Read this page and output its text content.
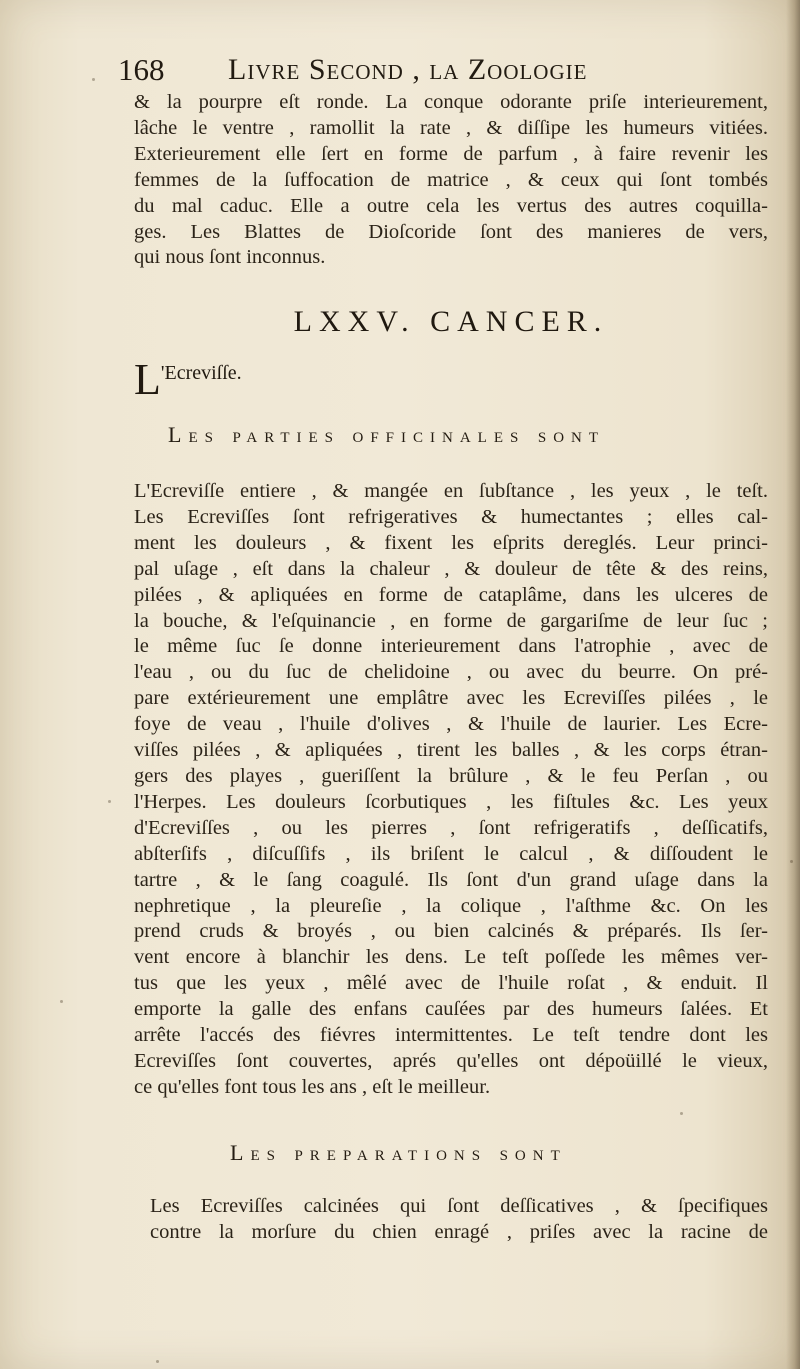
168 Livre Second , la Zoologie

& la pourpre eſt ronde. La conque odorante priſe interieurement,

lâche le ventre , ramollit la rate , & diſſipe les humeurs vitiées.

Exterieurement elle ſert en forme de parfum , à faire revenir les

femmes de la ſuffocation de matrice , & ceux qui ſont tombés

du mal caduc. Elle a outre cela les vertus des autres coquilla-

ges. Les Blattes de Dioſcoride ſont des manieres de vers,

qui nous ſont inconnus.

LXXV. CANCER.
L'Ecreviſſe.
Les parties officinales sont

L'Ecreviſſe entiere , & mangée en ſubſtance , les yeux , le teſt.

Les Ecreviſſes ſont refrigeratives & humectantes ; elles cal-

ment les douleurs , & fixent les eſprits dereglés. Leur princi-

pal uſage , eſt dans la chaleur , & douleur de tête & des reins,

pilées , & apliquées en forme de cataplâme, dans les ulceres de

la bouche, & l'eſquinancie , en forme de gargariſme de leur ſuc ;

le même ſuc ſe donne interieurement dans l'atrophie , avec de

l'eau , ou du ſuc de chelidoine , ou avec du beurre. On pré-

pare extérieurement une emplâtre avec les Ecreviſſes pilées , le

foye de veau , l'huile d'olives , & l'huile de laurier. Les Ecre-

viſſes pilées , & apliquées , tirent les balles , & les corps étran-

gers des playes , gueriſſent la brûlure , & le feu Perſan , ou

l'Herpes. Les douleurs ſcorbutiques , les fiſtules &c. Les yeux

d'Ecreviſſes , ou les pierres , ſont refrigeratifs , deſſicatifs,

abſterſifs , diſcuſſifs , ils briſent le calcul , & diſſoudent le

tartre , & le ſang coagulé. Ils ſont d'un grand uſage dans la

nephretique , la pleureſie , la colique , l'aſthme &c. On les

prend cruds & broyés , ou bien calcinés & préparés. Ils ſer-

vent encore à blanchir les dens. Le teſt poſſede les mêmes ver-

tus que les yeux , mêlé avec de l'huile roſat , & enduit. Il

emporte la galle des enfans cauſées par des humeurs ſalées. Et

arrête l'accés des fiévres intermittentes. Le teſt tendre dont les

Ecreviſſes ſont couvertes, aprés qu'elles ont dépoüillé le vieux,

ce qu'elles font tous les ans , eſt le meilleur.

Les preparations sont

Les Ecreviſſes calcinées qui ſont deſſicatives , & ſpecifiques

contre la morſure du chien enragé , priſes avec la racine de
